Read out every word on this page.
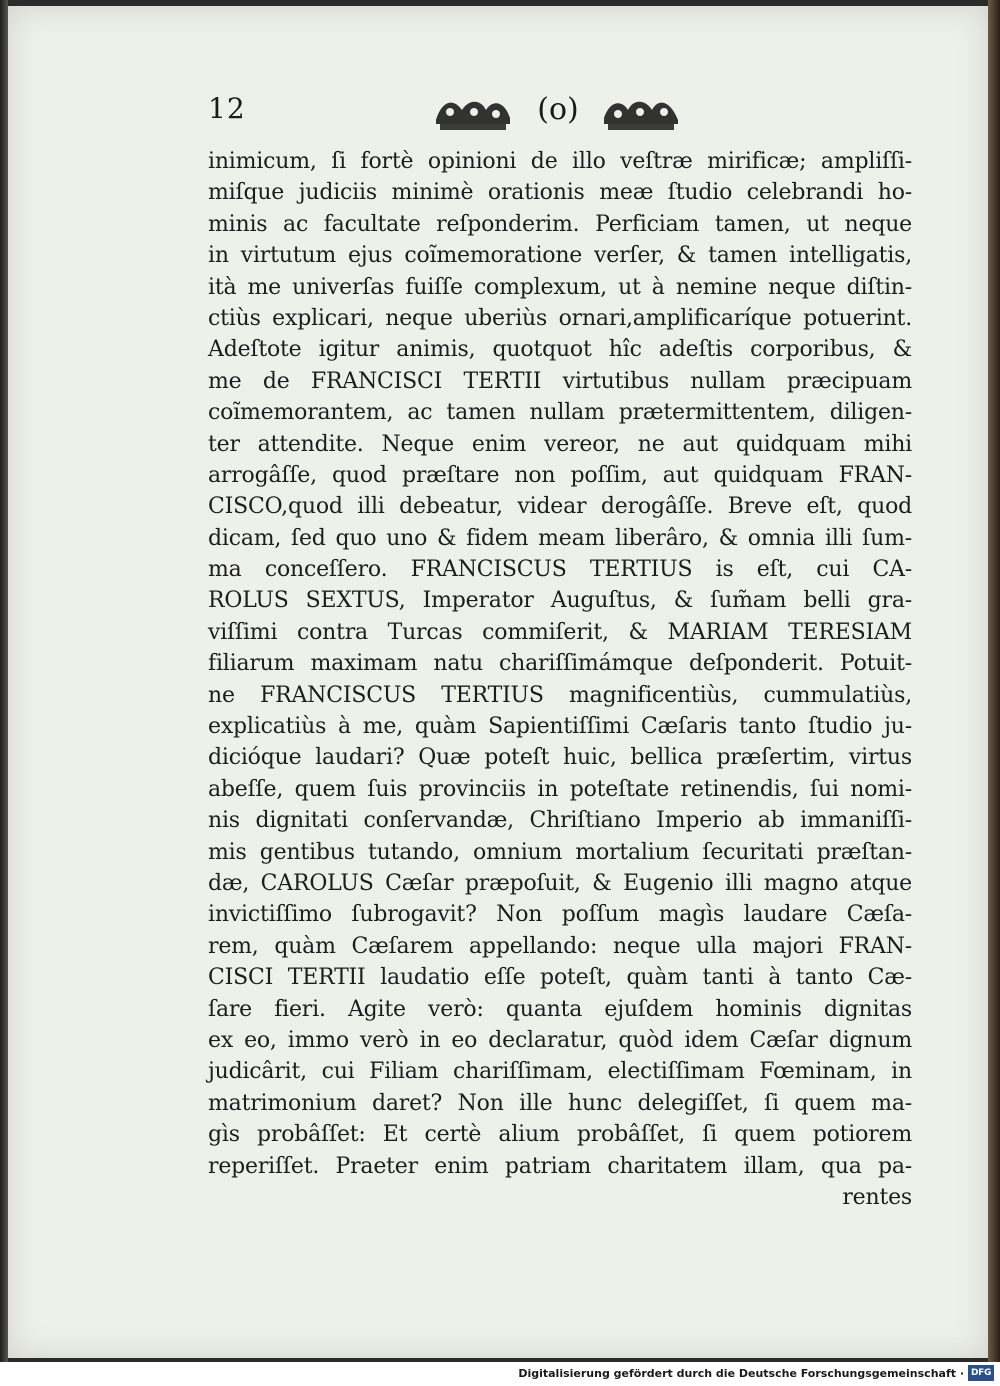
12	(o)
inimicum, ſi fortè opinioni de illo veſtræ mirificæ; ampliſſi-
miſque judiciis minimè orationis meæ ſtudio celebrandi ho-
minis ac facultate reſponderim. Perficiam tamen, ut neque
in virtutum ejus coĩmemoratione verſer, & tamen intelligatis,
ità me univerſas fuiſſe complexum, ut à nemine neque diſtin-
ctiùs explicari, neque uberiùs ornari,amplificaríque potuerint.
Adeſtote igitur animis, quotquot hîc adeſtis corporibus, &
me de FRANCISCI TERTII virtutibus nullam præcipuam
coĩmemorantem, ac tamen nullam prætermittentem, diligen-
ter attendite. Neque enim vereor, ne aut quidquam mihi
arrogâſſe, quod præſtare non poſſim, aut quidquam FRAN-
CISCO,quod illi debeatur, videar derogâſſe. Breve eſt, quod
dicam, ſed quo uno & fidem meam liberâro, & omnia illi ſum-
ma conceſſero. FRANCISCUS TERTIUS is eſt, cui CA-
ROLUS SEXTUS, Imperator Auguſtus, & ſum̃am belli gra-
viſſimi contra Turcas commiſerit, & MARIAM TERESIAM
filiarum maximam natu chariſſimámque deſponderit. Potuit-
ne FRANCISCUS TERTIUS magnificentiùs, cummulatiùs,
explicatiùs à me, quàm Sapientiſſimi Cæſaris tanto ſtudio ju-
dicióque laudari? Quæ poteſt huic, bellica præſertim, virtus
abeſſe, quem ſuis provinciis in poteſtate retinendis, ſui nomi-
nis dignitati conſervandæ, Chriſtiano Imperio ab immaniſſi-
mis gentibus tutando, omnium mortalium ſecuritati præſtan-
dæ, CAROLUS Cæſar præpoſuit, & Eugenio illi magno atque
invictiſſimo ſubrogavit? Non poſſum magìs laudare Cæſa-
rem, quàm Cæſarem appellando: neque ulla majori FRAN-
CISCI TERTII laudatio eſſe poteſt, quàm tanti à tanto Cæ-
ſare fieri. Agite verò: quanta ejuſdem hominis dignitas
ex eo, immo verò in eo declaratur, quòd idem Cæſar dignum
judicârit, cui Filiam chariſſimam, electiſſimam Fœminam, in
matrimonium daret? Non ille hunc delegiſſet, ſi quem ma-
gìs probâſſet: Et certè alium probâſſet, ſi quem potiorem
reperiſſet. Praeter enim patriam charitatem illam, qua pa-
rentes
Digitalisierung gefördert durch die Deutsche Forschungsgemeinschaft · DFG
